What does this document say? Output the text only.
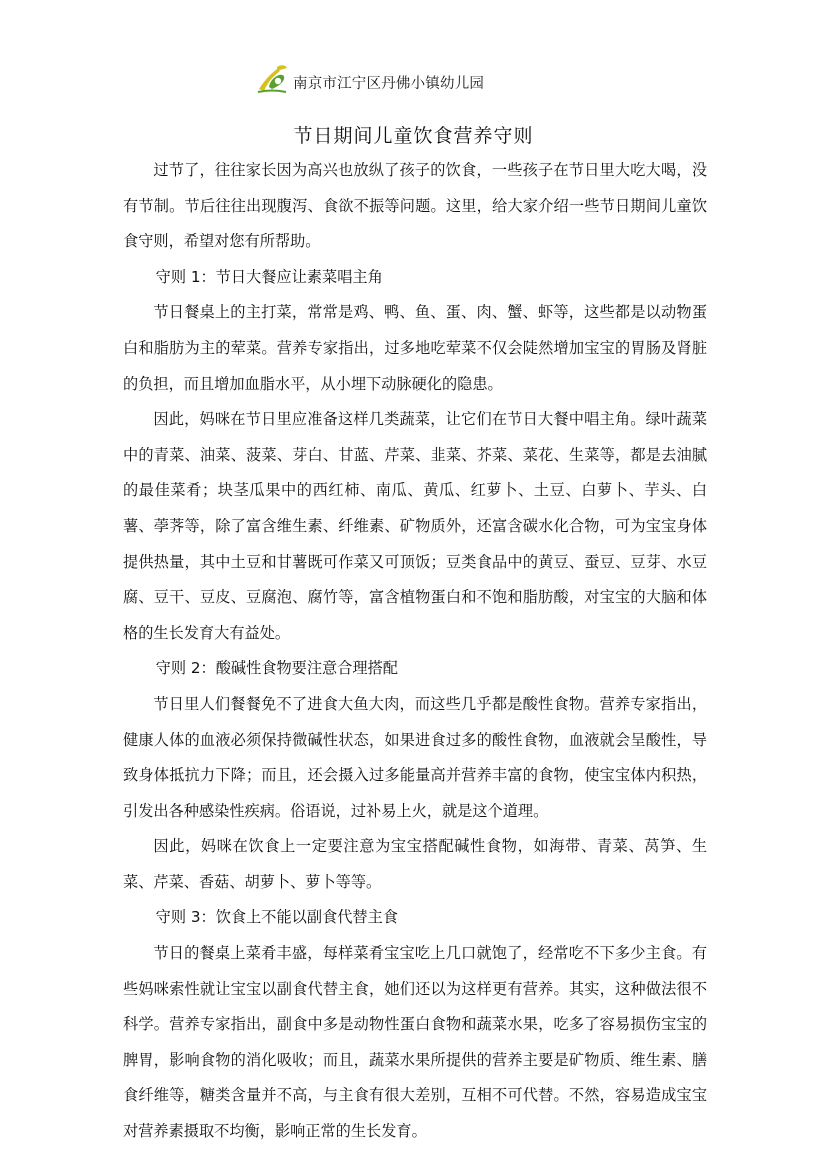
南京市江宁区丹佛小镇幼儿园
节日期间儿童饮食营养守则

过节了，往往家长因为高兴也放纵了孩子的饮食，一些孩子在节日里大吃大喝，没有节制。节后往往出现腹泻、食欲不振等问题。这里，给大家介绍一些节日期间儿童饮食守则，希望对您有所帮助。

守则 1：节日大餐应让素菜唱主角

节日餐桌上的主打菜，常常是鸡、鸭、鱼、蛋、肉、蟹、虾等，这些都是以动物蛋白和脂肪为主的荤菜。营养专家指出，过多地吃荤菜不仅会陡然增加宝宝的胃肠及肾脏的负担，而且增加血脂水平，从小埋下动脉硬化的隐患。

因此，妈咪在节日里应准备这样几类蔬菜，让它们在节日大餐中唱主角。绿叶蔬菜中的青菜、油菜、菠菜、芽白、甘蓝、芹菜、韭菜、芥菜、菜花、生菜等，都是去油腻的最佳菜肴；块茎瓜果中的西红柿、南瓜、黄瓜、红萝卜、土豆、白萝卜、芋头、白薯、荸荠等，除了富含维生素、纤维素、矿物质外，还富含碳水化合物，可为宝宝身体提供热量，其中土豆和甘薯既可作菜又可顶饭；豆类食品中的黄豆、蚕豆、豆芽、水豆腐、豆干、豆皮、豆腐泡、腐竹等，富含植物蛋白和不饱和脂肪酸，对宝宝的大脑和体格的生长发育大有益处。

守则 2：酸碱性食物要注意合理搭配

节日里人们餐餐免不了进食大鱼大肉，而这些几乎都是酸性食物。营养专家指出，健康人体的血液必须保持微碱性状态，如果进食过多的酸性食物，血液就会呈酸性，导致身体抵抗力下降；而且，还会摄入过多能量高并营养丰富的食物，使宝宝体内积热，引发出各种感染性疾病。俗语说，过补易上火，就是这个道理。

因此，妈咪在饮食上一定要注意为宝宝搭配碱性食物，如海带、青菜、莴笋、生菜、芹菜、香菇、胡萝卜、萝卜等等。

守则 3：饮食上不能以副食代替主食

节日的餐桌上菜肴丰盛，每样菜肴宝宝吃上几口就饱了，经常吃不下多少主食。有些妈咪索性就让宝宝以副食代替主食，她们还以为这样更有营养。其实，这种做法很不科学。营养专家指出，副食中多是动物性蛋白食物和蔬菜水果，吃多了容易损伤宝宝的脾胃，影响食物的消化吸收；而且，蔬菜水果所提供的营养主要是矿物质、维生素、膳食纤维等，糖类含量并不高，与主食有很大差别，互相不可代替。不然，容易造成宝宝对营养素摄取不均衡，影响正常的生长发育。
